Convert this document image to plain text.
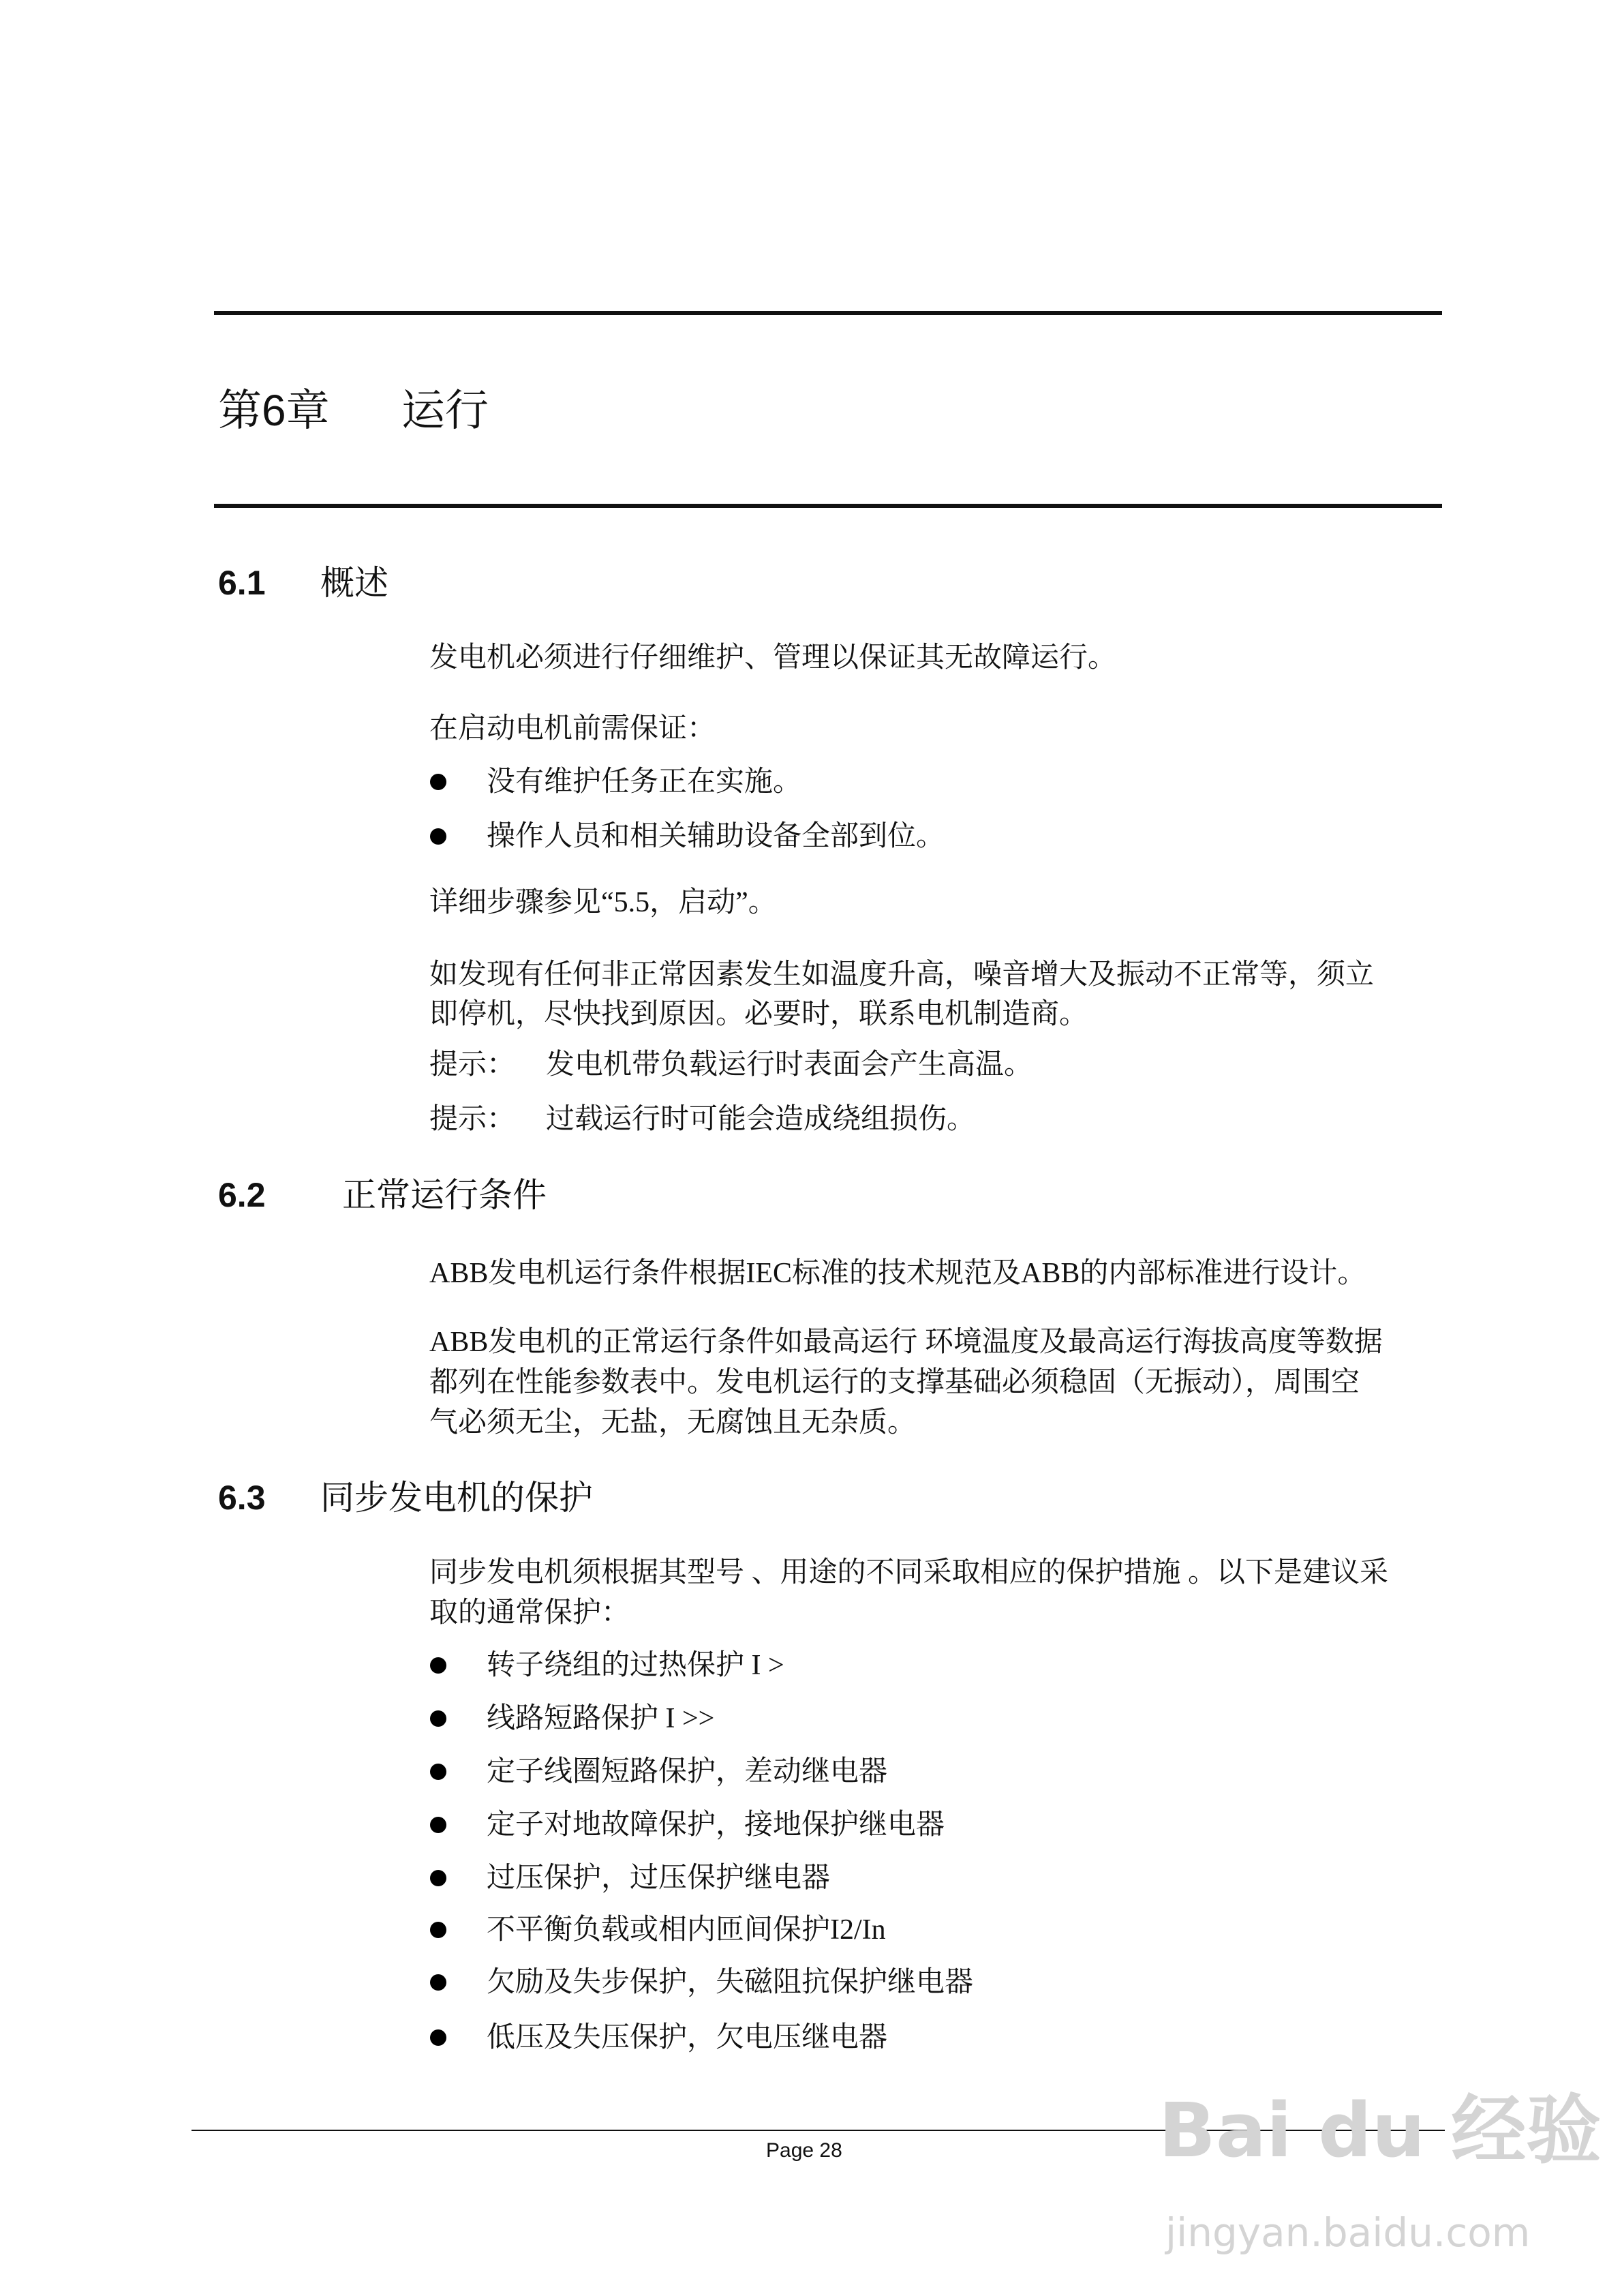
第6章	运行
6.1	概述
发电机必须进行仔细维护、管理以保证其无故障运行。
在启动电机前需保证：
没有维护任务正在实施。
操作人员和相关辅助设备全部到位。
详细步骤参见“5.5，启动”。
如发现有任何非正常因素发生如温度升高，噪音增大及振动不正常等，须立
即停机，尽快找到原因。必要时，联系电机制造商。
提示： 发电机带负载运行时表面会产生高温。
提示： 过载运行时可能会造成绕组损伤。
6.2	正常运行条件
ABB发电机运行条件根据IEC标准的技术规范及ABB的内部标准进行设计。
ABB发电机的正常运行条件如最高运行 环境温度及最高运行海拔高度等数据
都列在性能参数表中。发电机运行的支撑基础必须稳固（无振动），周围空
气必须无尘，无盐，无腐蚀且无杂质。
6.3	同步发电机的保护
同步发电机须根据其型号 、用途的不同采取相应的保护措施 。以下是建议采
取的通常保护：
转子绕组的过热保护 I >
线路短路保护 I >>
定子线圈短路保护，差动继电器
定子对地故障保护，接地保护继电器
过压保护，过压保护继电器
不平衡负载或相内匝间保护I2/In
欠励及失步保护，失磁阻抗保护继电器
低压及失压保护，欠电压继电器
Page 28	Bai du 经验
jingyan.baidu.com
